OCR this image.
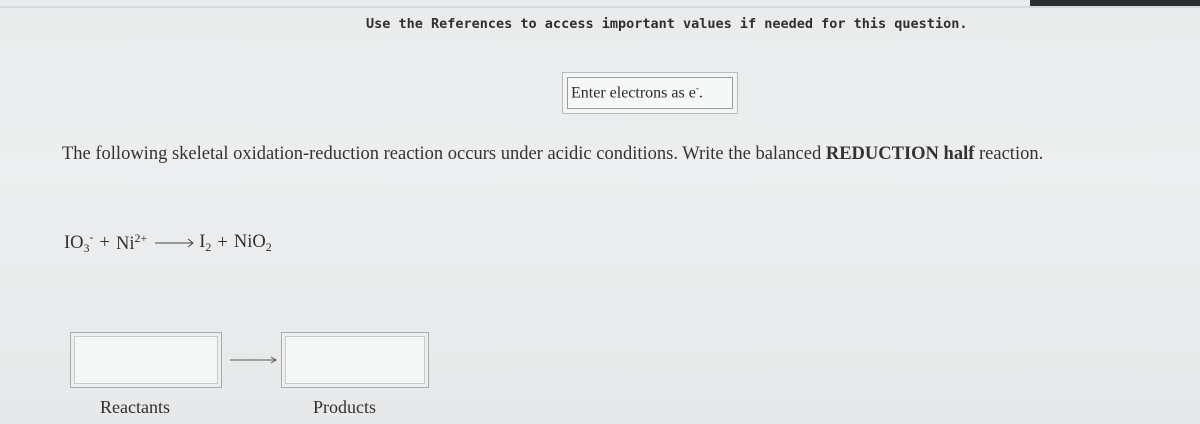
Use the References to access important values if needed for this question.
Enter electrons as e-.
The following skeletal oxidation-reduction reaction occurs under acidic conditions. Write the balanced REDUCTION half reaction.
$IO_3^- + Ni^{2+}$	$I_2 + NiO_2$
Reactants	Products
